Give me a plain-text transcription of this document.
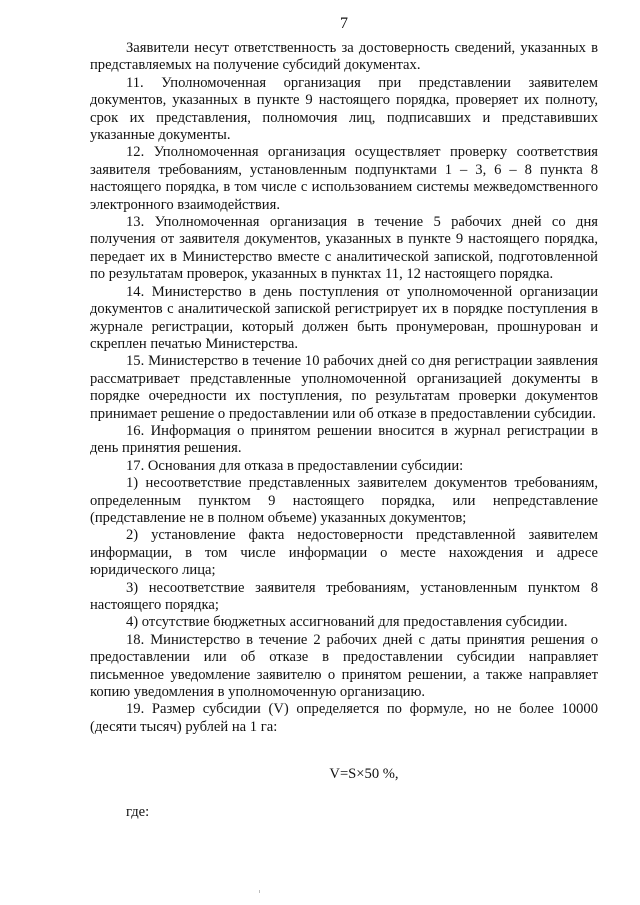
7

Заявители несут ответственность за достоверность сведений, указанных в представляемых на получение субсидий документах.

11. Уполномоченная организация при представлении заявителем документов, указанных в пункте 9 настоящего порядка, проверяет их полноту, срок их представления, полномочия лиц, подписавших и представивших указанные документы.

12. Уполномоченная организация осуществляет проверку соответствия заявителя требованиям, установленным подпунктами 1 – 3, 6 – 8 пункта 8 настоящего порядка, в том числе с использованием системы межведомственного электронного взаимодействия.

13. Уполномоченная организация в течение 5 рабочих дней со дня получения от заявителя документов, указанных в пункте 9 настоящего порядка, передает их в Министерство вместе с аналитической запиской, подготовленной по результатам проверок, указанных в пунктах 11, 12 настоящего порядка.

14. Министерство в день поступления от уполномоченной организации документов с аналитической запиской регистрирует их в порядке поступления в журнале регистрации, который должен быть пронумерован, прошнурован и скреплен печатью Министерства.

15. Министерство в течение 10 рабочих дней со дня регистрации заявления рассматривает представленные уполномоченной организацией документы в порядке очередности их поступления, по результатам проверки документов принимает решение о предоставлении или об отказе в предоставлении субсидии.

16. Информация о принятом решении вносится в журнал регистрации в день принятия решения.

17. Основания для отказа в предоставлении субсидии:

1) несоответствие представленных заявителем документов требованиям, определенным пунктом 9 настоящего порядка, или непредставление (представление не в полном объеме) указанных документов;

2) установление факта недостоверности представленной заявителем информации, в том числе информации о месте нахождения и адресе юридического лица;

3) несоответствие заявителя требованиям, установленным пунктом 8 настоящего порядка;

4) отсутствие бюджетных ассигнований для предоставления субсидии.

18. Министерство в течение 2 рабочих дней с даты принятия решения о предоставлении или об отказе в предоставлении субсидии направляет письменное уведомление заявителю о принятом решении, а также направляет копию уведомления в уполномоченную организацию.

19. Размер субсидии (V) определяется по формуле, но не более 10000 (десяти тысяч) рублей на 1 га:

V=S×50 %,
где:
